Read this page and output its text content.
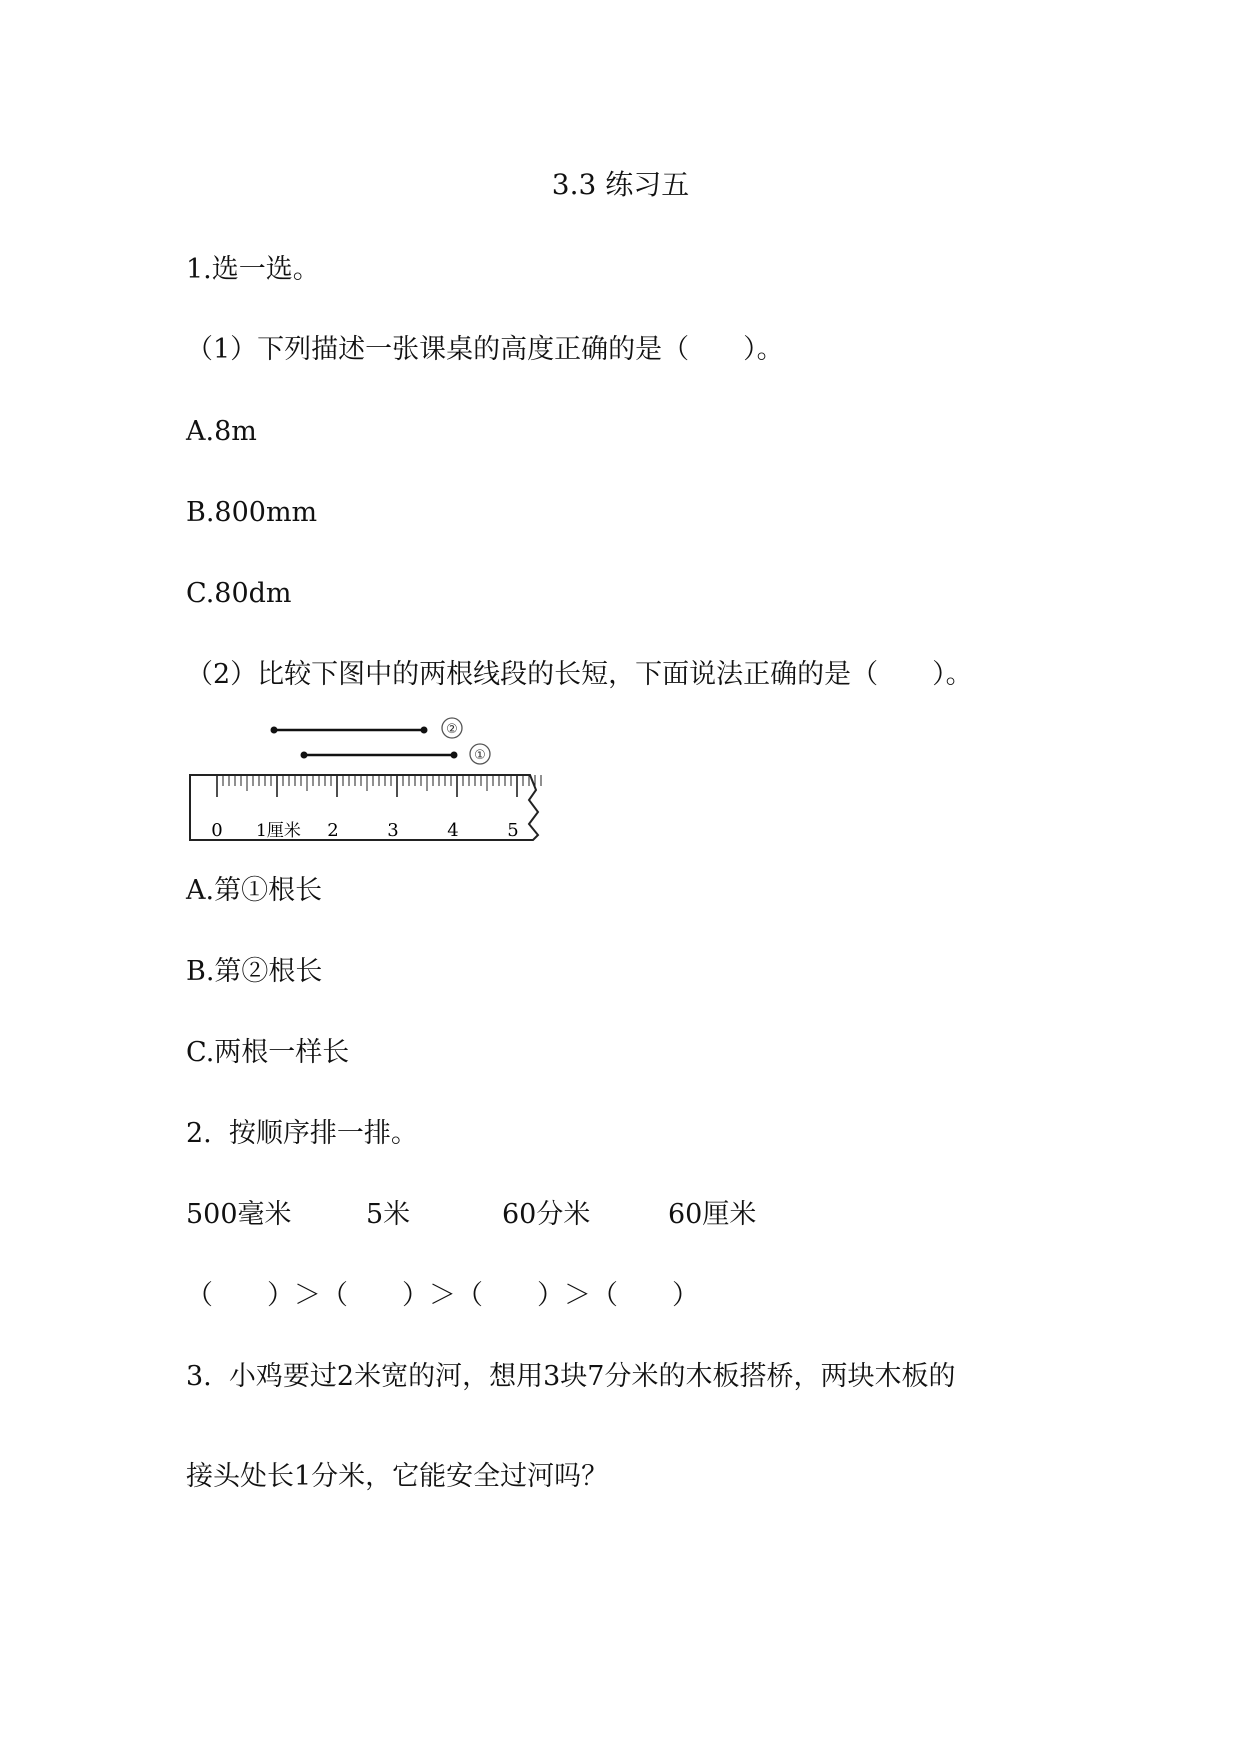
3.3 练习五
1.选一选。
（1）下列描述一张课桌的高度正确的是（　　）。
A.8m
B.800mm
C.80dm
（2）比较下图中的两根线段的长短，下面说法正确的是（　　）。
②
①
0 1厘米 2	3	4	5
A.第①根长
B.第②根长
C.两根一样长
2.  按顺序排一排。
500毫米	5米	60分米	60厘米
（　　）＞（　　）＞（　　）＞（　　）
3.  小鸡要过2米宽的河，想用3块7分米的木板搭桥，两块木板的
接头处长1分米，它能安全过河吗？
